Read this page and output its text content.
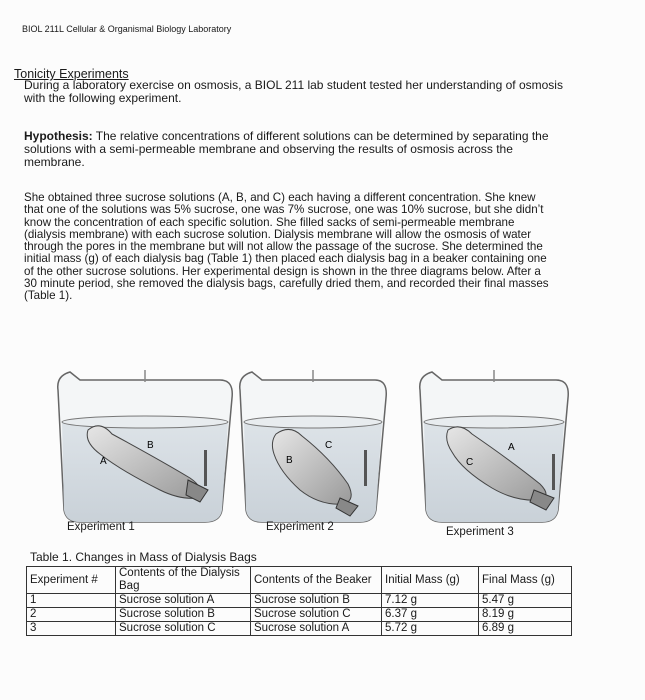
BIOL 211L Cellular & Organismal Biology Laboratory
Tonicity Experiments
During a laboratory exercise on osmosis, a BIOL 211 lab student tested her understanding of osmosis
with the following experiment.
Hypothesis: The relative concentrations of different solutions can be determined by separating the
solutions with a semi-permeable membrane and observing the results of osmosis across the
membrane.
She obtained three sucrose solutions (A, B, and C) each having a different concentration. She knew
that one of the solutions was 5% sucrose, one was 7% sucrose, one was 10% sucrose, but she didn’t
know the concentration of each specific solution. She filled sacks of semi-permeable membrane
(dialysis membrane) with each sucrose solution. Dialysis membrane will allow the osmosis of water
through the pores in the membrane but will not allow the passage of the sucrose. She determined the
initial mass (g) of each dialysis bag (Table 1) then placed each dialysis bag in a beaker containing one
of the other sucrose solutions. Her experimental design is shown in the three diagrams below. After a
30 minute period, she removed the dialysis bags, carefully dried them, and recorded their final masses
(Table 1).
B
A
C
B
A
C
Experiment 1	Experiment 2	Experiment 3
Table 1. Changes in Mass of Dialysis Bags
Experiment #	Contents of the Dialysis Bag	Contents of the Beaker	Initial Mass (g)	Final Mass (g)
1	Sucrose solution A	Sucrose solution B	7.12 g	5.47 g
2	Sucrose solution B	Sucrose solution C	6.37 g	8.19 g
3	Sucrose solution C	Sucrose solution A	5.72 g	6.89 g
